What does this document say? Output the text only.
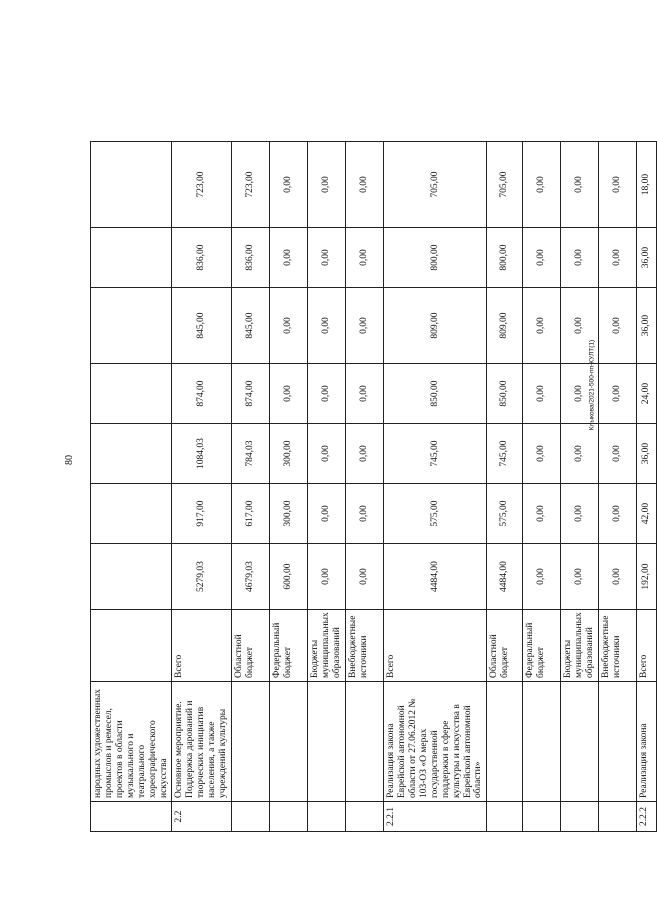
80
Клыкова/2021-500-пп-КУЛТ(1)
	народных художественных промыслов и ремесел, проектов в области музыкального и театрального хореографического искусства								
2.2	Основное мероприятие. Поддержка дарований и творческих инициатив населения, а также учреждений культуры	Всего	5279,03	917,00	1084,03	874,00	845,00	836,00	723,00
		Областной бюджет	4679,03	617,00	784,03	874,00	845,00	836,00	723,00
		Федеральный бюджет	600,00	300,00	300,00	0,00	0,00	0,00	0,00
		Бюджеты муниципальных образований	0,00	0,00	0,00	0,00	0,00	0,00	0,00
		Внебюджетные источники	0,00	0,00	0,00	0,00	0,00	0,00	0,00
2.2.1	Реализация закона Еврейской автономной области от 27.06.2012 № 103-ОЗ «О мерах государственной поддержки в сфере культуры и искусства в Еврейской автономной области»	Всего	4484,00	575,00	745,00	850,00	809,00	800,00	705,00
		Областной бюджет	4484,00	575,00	745,00	850,00	809,00	800,00	705,00
		Федеральный бюджет	0,00	0,00	0,00	0,00	0,00	0,00	0,00
		Бюджеты муниципальных образований	0,00	0,00	0,00	0,00	0,00	0,00	0,00
		Внебюджетные источники	0,00	0,00	0,00	0,00	0,00	0,00	0,00
2.2.2	Реализация закона	Всего	192,00	42,00	36,00	24,00	36,00	36,00	18,00
